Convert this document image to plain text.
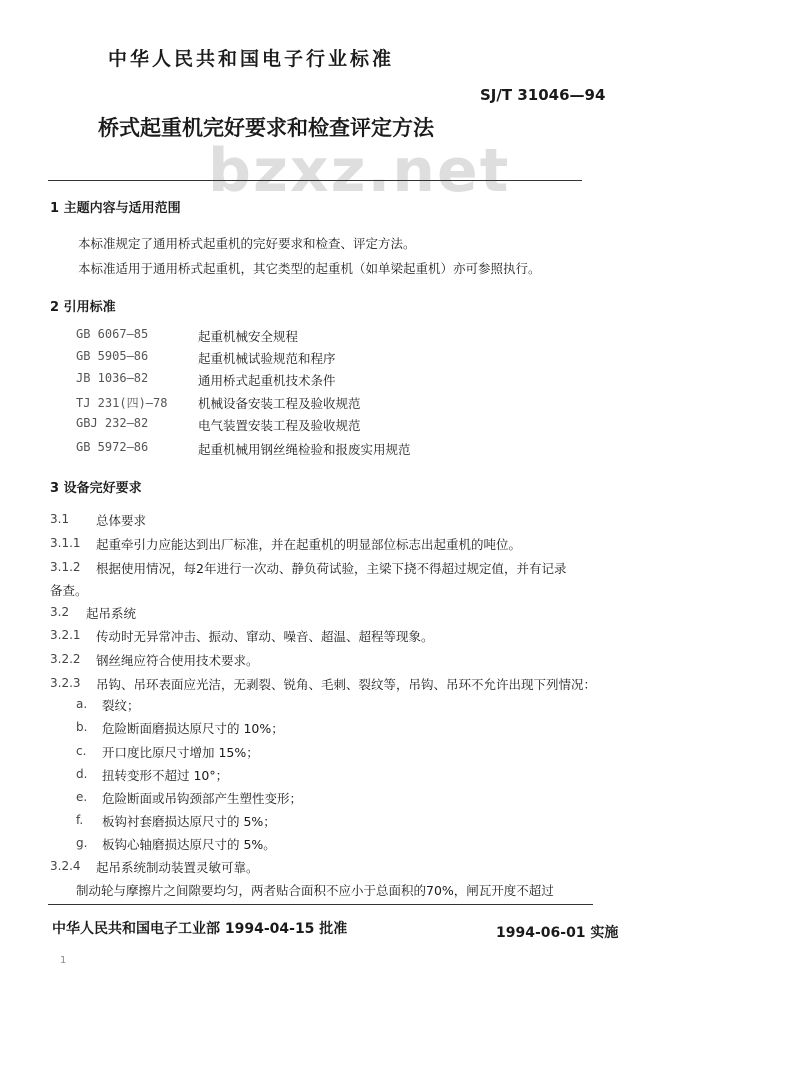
中华人民共和国电子行业标准
SJ/T 31046—94
桥式起重机完好要求和检查评定方法
bzxz.net
1 主题内容与适用范围
本标准规定了通用桥式起重机的完好要求和检查、评定方法。
本标准适用于通用桥式起重机，其它类型的起重机（如单梁起重机）亦可参照执行。
2 引用标准
GB 6067—85	起重机械安全规程
GB 5905—86	起重机械试验规范和程序
JB 1036—82	通用桥式起重机技术条件
TJ 231(四)—78 机械设备安装工程及验收规范
GBJ 232—82	电气装置安装工程及验收规范
GB 5972—86	起重机械用钢丝绳检验和报废实用规范
3 设备完好要求
3.1 总体要求
3.1.1 起重牵引力应能达到出厂标准，并在起重机的明显部位标志出起重机的吨位。
3.1.2 根据使用情况，每2年进行一次动、静负荷试验，主梁下挠不得超过规定值，并有记录
备查。
3.2 起吊系统
3.2.1 传动时无异常冲击、振动、窜动、噪音、超温、超程等现象。
3.2.2 钢丝绳应符合使用技术要求。
3.2.3 吊钩、吊环表面应光洁，无剥裂、锐角、毛刺、裂纹等，吊钩、吊环不允许出现下列情况：
a. 裂纹；
b. 危险断面磨损达原尺寸的 10%；
c. 开口度比原尺寸增加 15%；
d. 扭转变形不超过 10°；
e. 危险断面或吊钩颈部产生塑性变形；
f. 板钩衬套磨损达原尺寸的 5%；
g. 板钩心轴磨损达原尺寸的 5%。
3.2.4 起吊系统制动装置灵敏可靠。
制动轮与摩擦片之间隙要均匀，两者贴合面积不应小于总面积的70%，闸瓦开度不超过
中华人民共和国电子工业部 1994-04-15 批准	1994-06-01 实施
1
